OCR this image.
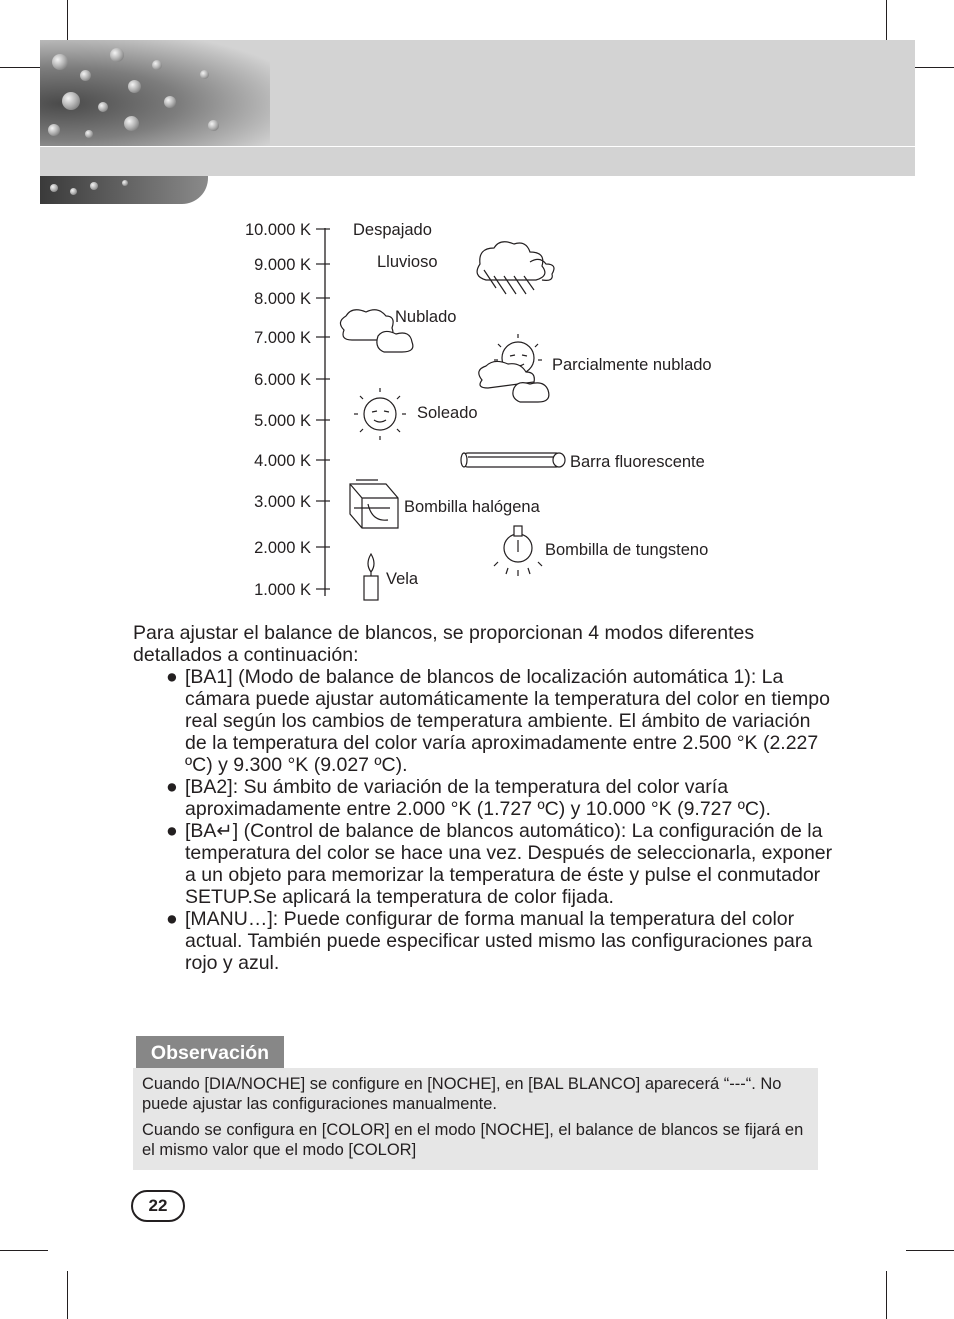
10.000 K
9.000 K
8.000 K
7.000 K
6.000 K
5.000 K
4.000 K
3.000 K
2.000 K
1.000 K
Despajado
Lluvioso
Nublado
Parcialmente nublado
Soleado
Barra fluorescente
Bombilla halógena
Bombilla de tungsteno
Vela

Para ajustar el balance de blancos, se proporcionan 4 modos diferentes detallados a continuación:

● [BA1] (Modo de balance de blancos de localización automática 1): La cámara puede ajustar automáticamente la temperatura del color en tiempo real según los cambios de temperatura ambiente. El ámbito de variación de la temperatura del color varía aproximadamente entre 2.500 °K (2.227 ºC) y 9.300 °K (9.027 ºC).
● [BA2]: Su ámbito de variación de la temperatura del color varía aproximadamente entre 2.000 °K (1.727 ºC) y 10.000 °K (9.727 ºC).
● [BA↵] (Control de balance de blancos automático): La configuración de la temperatura del color se hace una vez. Después de seleccionarla, exponer a un objeto para memorizar la temperatura de éste y pulse el conmutador SETUP.Se aplicará la temperatura de color fijada.
● [MANU…]: Puede configurar de forma manual la temperatura del color actual. También puede especificar usted mismo las configuraciones para rojo y azul.
Observación

Cuando [DIA/NOCHE] se configure en [NOCHE], en [BAL BLANCO] aparecerá “---“. No puede ajustar las configuraciones manualmente.

Cuando se configura en [COLOR] en el modo [NOCHE], el balance de blancos se fijará en el mismo valor que el modo [COLOR]

22
